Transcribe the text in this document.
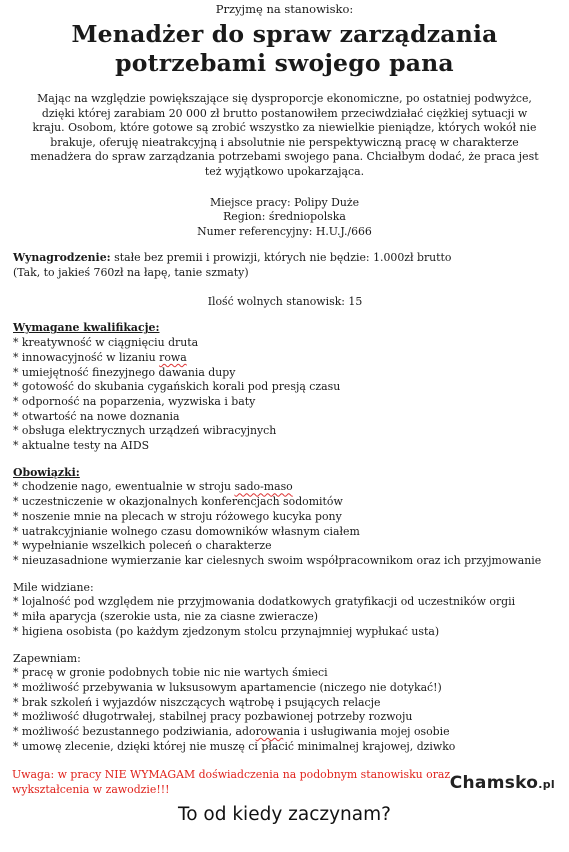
Przyjmę na stanowisko:
Menadżer do spraw zarządzania
potrzebami swojego pana

Mając na względzie powiększające się dysproporcje ekonomiczne, po ostatniej podwyżce, dzięki której zarabiam 20 000 zł brutto postanowiłem przeciwdziałać ciężkiej sytuacji w kraju. Osobom, które gotowe są zrobić wszystko za niewielkie pieniądze, których wokół nie brakuje, oferuję nieatrakcyjną i absolutnie nie perspektywiczną pracę w charakterze menadżera do spraw zarządzania potrzebami swojego pana. Chciałbym dodać, że praca jest też wyjątkowo upokarzająca.

Miejsce pracy: Polipy Duże
Region: średniopolska
Numer referencyjny: H.U.J./666
Wynagrodzenie: stałe bez premii i prowizji, których nie będzie: 1.000zł brutto
(Tak, to jakieś 760zł na łapę, tanie szmaty)
Ilość wolnych stanowisk: 15
Wymagane kwalifikacje:
* kreatywność w ciągnięciu druta
* innowacyjność w lizaniu rowa
* umiejętność finezyjnego dawania dupy
* gotowość do skubania cygańskich korali pod presją czasu
* odporność na poparzenia, wyzwiska i baty
* otwartość na nowe doznania
* obsługa elektrycznych urządzeń wibracyjnych
* aktualne testy na AIDS
Obowiązki:
* chodzenie nago, ewentualnie w stroju sado-maso
* uczestniczenie w okazjonalnych konferencjach sodomitów
* noszenie mnie na plecach w stroju różowego kucyka pony
* uatrakcyjnianie wolnego czasu domowników własnym ciałem
* wypełnianie wszelkich poleceń o charakterze
* nieuzasadnione wymierzanie kar cielesnych swoim współpracownikom oraz ich przyjmowanie
Mile widziane:
* lojalność pod względem nie przyjmowania dodatkowych gratyfikacji od uczestników orgii
* miła aparycja (szerokie usta, nie za ciasne zwieracze)
* higiena osobista (po każdym zjedzonym stolcu przynajmniej wypłukać usta)
Zapewniam:
* pracę w gronie podobnych tobie nic nie wartych śmieci
* możliwość przebywania w luksusowym apartamencie (niczego nie dotykać!)
* brak szkoleń i wyjazdów niszczących wątrobę i psujących relacje
* możliwość długotrwałej, stabilnej pracy pozbawionej potrzeby rozwoju
* możliwość bezustannego podziwiania, adorowania i usługiwania mojej osobie
* umowę zlecenie, dzięki której nie muszę ci płacić minimalnej krajowej, dziwko
Uwaga: w pracy NIE WYMAGAM doświadczenia na podobnym stanowisku oraz wykształcenia w zawodzie!!!	Chamsko.pl
To od kiedy zaczynam?
